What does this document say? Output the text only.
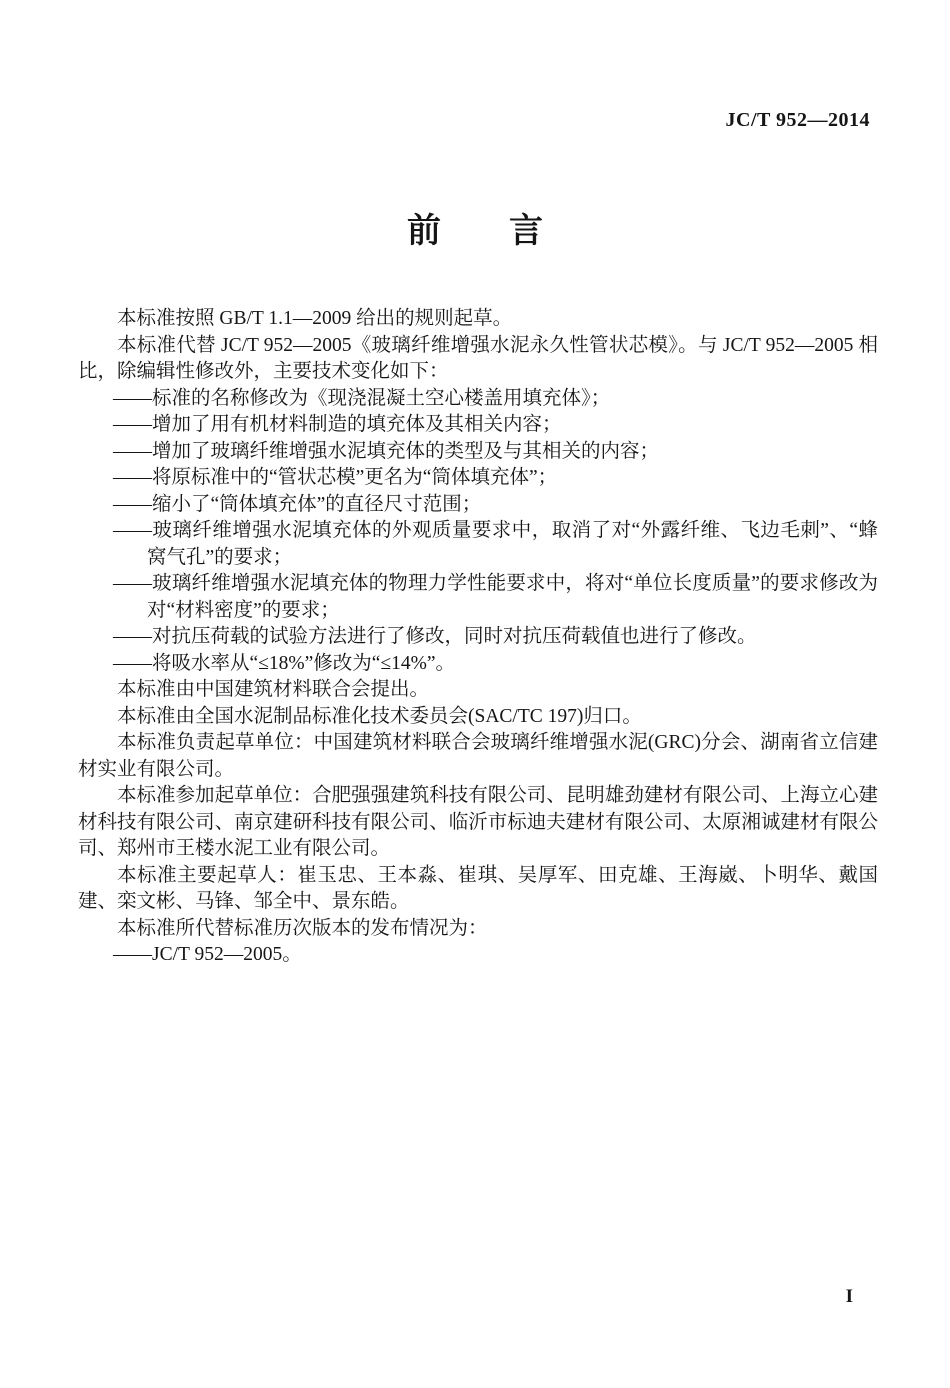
JC/T 952—2014
前　　言

本标准按照 GB/T 1.1—2009 给出的规则起草。

本标准代替 JC/T 952—2005《玻璃纤维增强水泥永久性管状芯模》。与 JC/T 952—2005 相比，除编辑性修改外，主要技术变化如下：

——标准的名称修改为《现浇混凝土空心楼盖用填充体》；

——增加了用有机材料制造的填充体及其相关内容；

——增加了玻璃纤维增强水泥填充体的类型及与其相关的内容；

——将原标准中的“管状芯模”更名为“筒体填充体”；

——缩小了“筒体填充体”的直径尺寸范围；

——玻璃纤维增强水泥填充体的外观质量要求中，取消了对“外露纤维、飞边毛刺”、“蜂窝气孔”的要求；

——玻璃纤维增强水泥填充体的物理力学性能要求中，将对“单位长度质量”的要求修改为对“材料密度”的要求；

——对抗压荷载的试验方法进行了修改，同时对抗压荷载值也进行了修改。

——将吸水率从“≤18%”修改为“≤14%”。

本标准由中国建筑材料联合会提出。

本标准由全国水泥制品标准化技术委员会(SAC/TC 197)归口。

本标准负责起草单位：中国建筑材料联合会玻璃纤维增强水泥(GRC)分会、湖南省立信建材实业有限公司。

本标准参加起草单位：合肥强强建筑科技有限公司、昆明雄劲建材有限公司、上海立心建材科技有限公司、南京建研科技有限公司、临沂市标迪夫建材有限公司、太原湘诚建材有限公司、郑州市王楼水泥工业有限公司。

本标准主要起草人：崔玉忠、王本淼、崔琪、吴厚军、田克雄、王海崴、卜明华、戴国建、栾文彬、马锋、邹全中、景东皓。

本标准所代替标准历次版本的发布情况为：

——JC/T 952—2005。

I
